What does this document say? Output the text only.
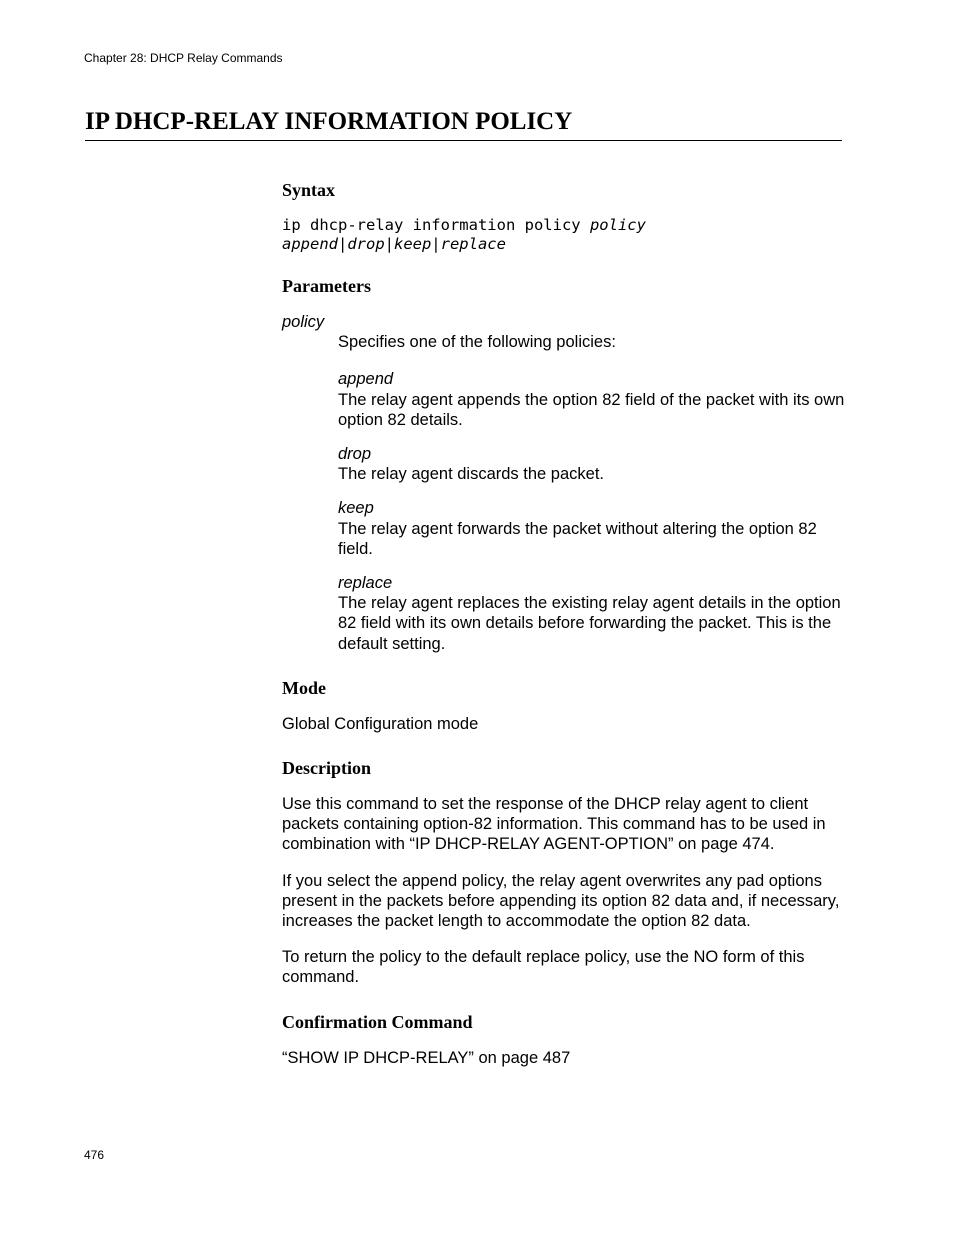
Chapter 28: DHCP Relay Commands
IP DHCP-RELAY INFORMATION POLICY
Syntax
ip dhcp-relay information policy policy
append|drop|keep|replace
Parameters

policy

Specifies one of the following policies:

append

The relay agent appends the option 82 field of the packet with its own option 82 details.

drop

The relay agent discards the packet.

keep

The relay agent forwards the packet without altering the option 82 field.

replace

The relay agent replaces the existing relay agent details in the option 82 field with its own details before forwarding the packet. This is the default setting.

Mode

Global Configuration mode

Description

Use this command to set the response of the DHCP relay agent to client packets containing option-82 information. This command has to be used in combination with “IP DHCP-RELAY AGENT-OPTION” on page 474.

If you select the append policy, the relay agent overwrites any pad options present in the packets before appending its option 82 data and, if necessary, increases the packet length to accommodate the option 82 data.

To return the policy to the default replace policy, use the NO form of this command.

Confirmation Command

“SHOW IP DHCP-RELAY” on page 487

476
